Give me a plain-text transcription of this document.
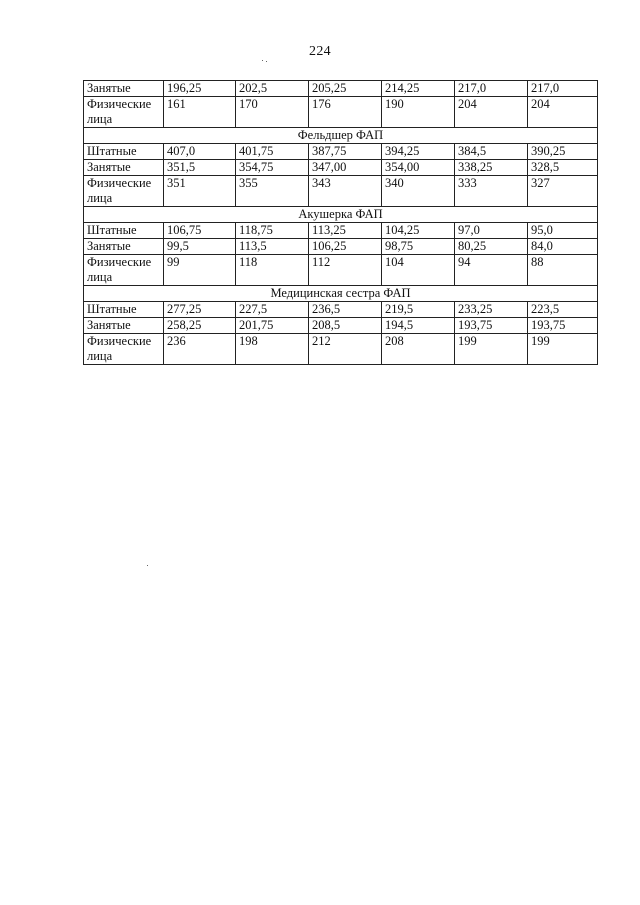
224
Занятые	196,25	202,5	205,25	214,25	217,0	217,0
Физические лица	161	170	176	190	204	204
Фельдшер ФАП						
Штатные	407,0	401,75	387,75	394,25	384,5	390,25
Занятые	351,5	354,75	347,00	354,00	338,25	328,5
Физические лица	351	355	343	340	333	327
Акушерка ФАП						
Штатные	106,75	118,75	113,25	104,25	97,0	95,0
Занятые	99,5	113,5	106,25	98,75	80,25	84,0
Физические лица	99	118	112	104	94	88
Медицинская сестра ФАП						
Штатные	277,25	227,5	236,5	219,5	233,25	223,5
Занятые	258,25	201,75	208,5	194,5	193,75	193,75
Физические лица	236	198	212	208	199	199
